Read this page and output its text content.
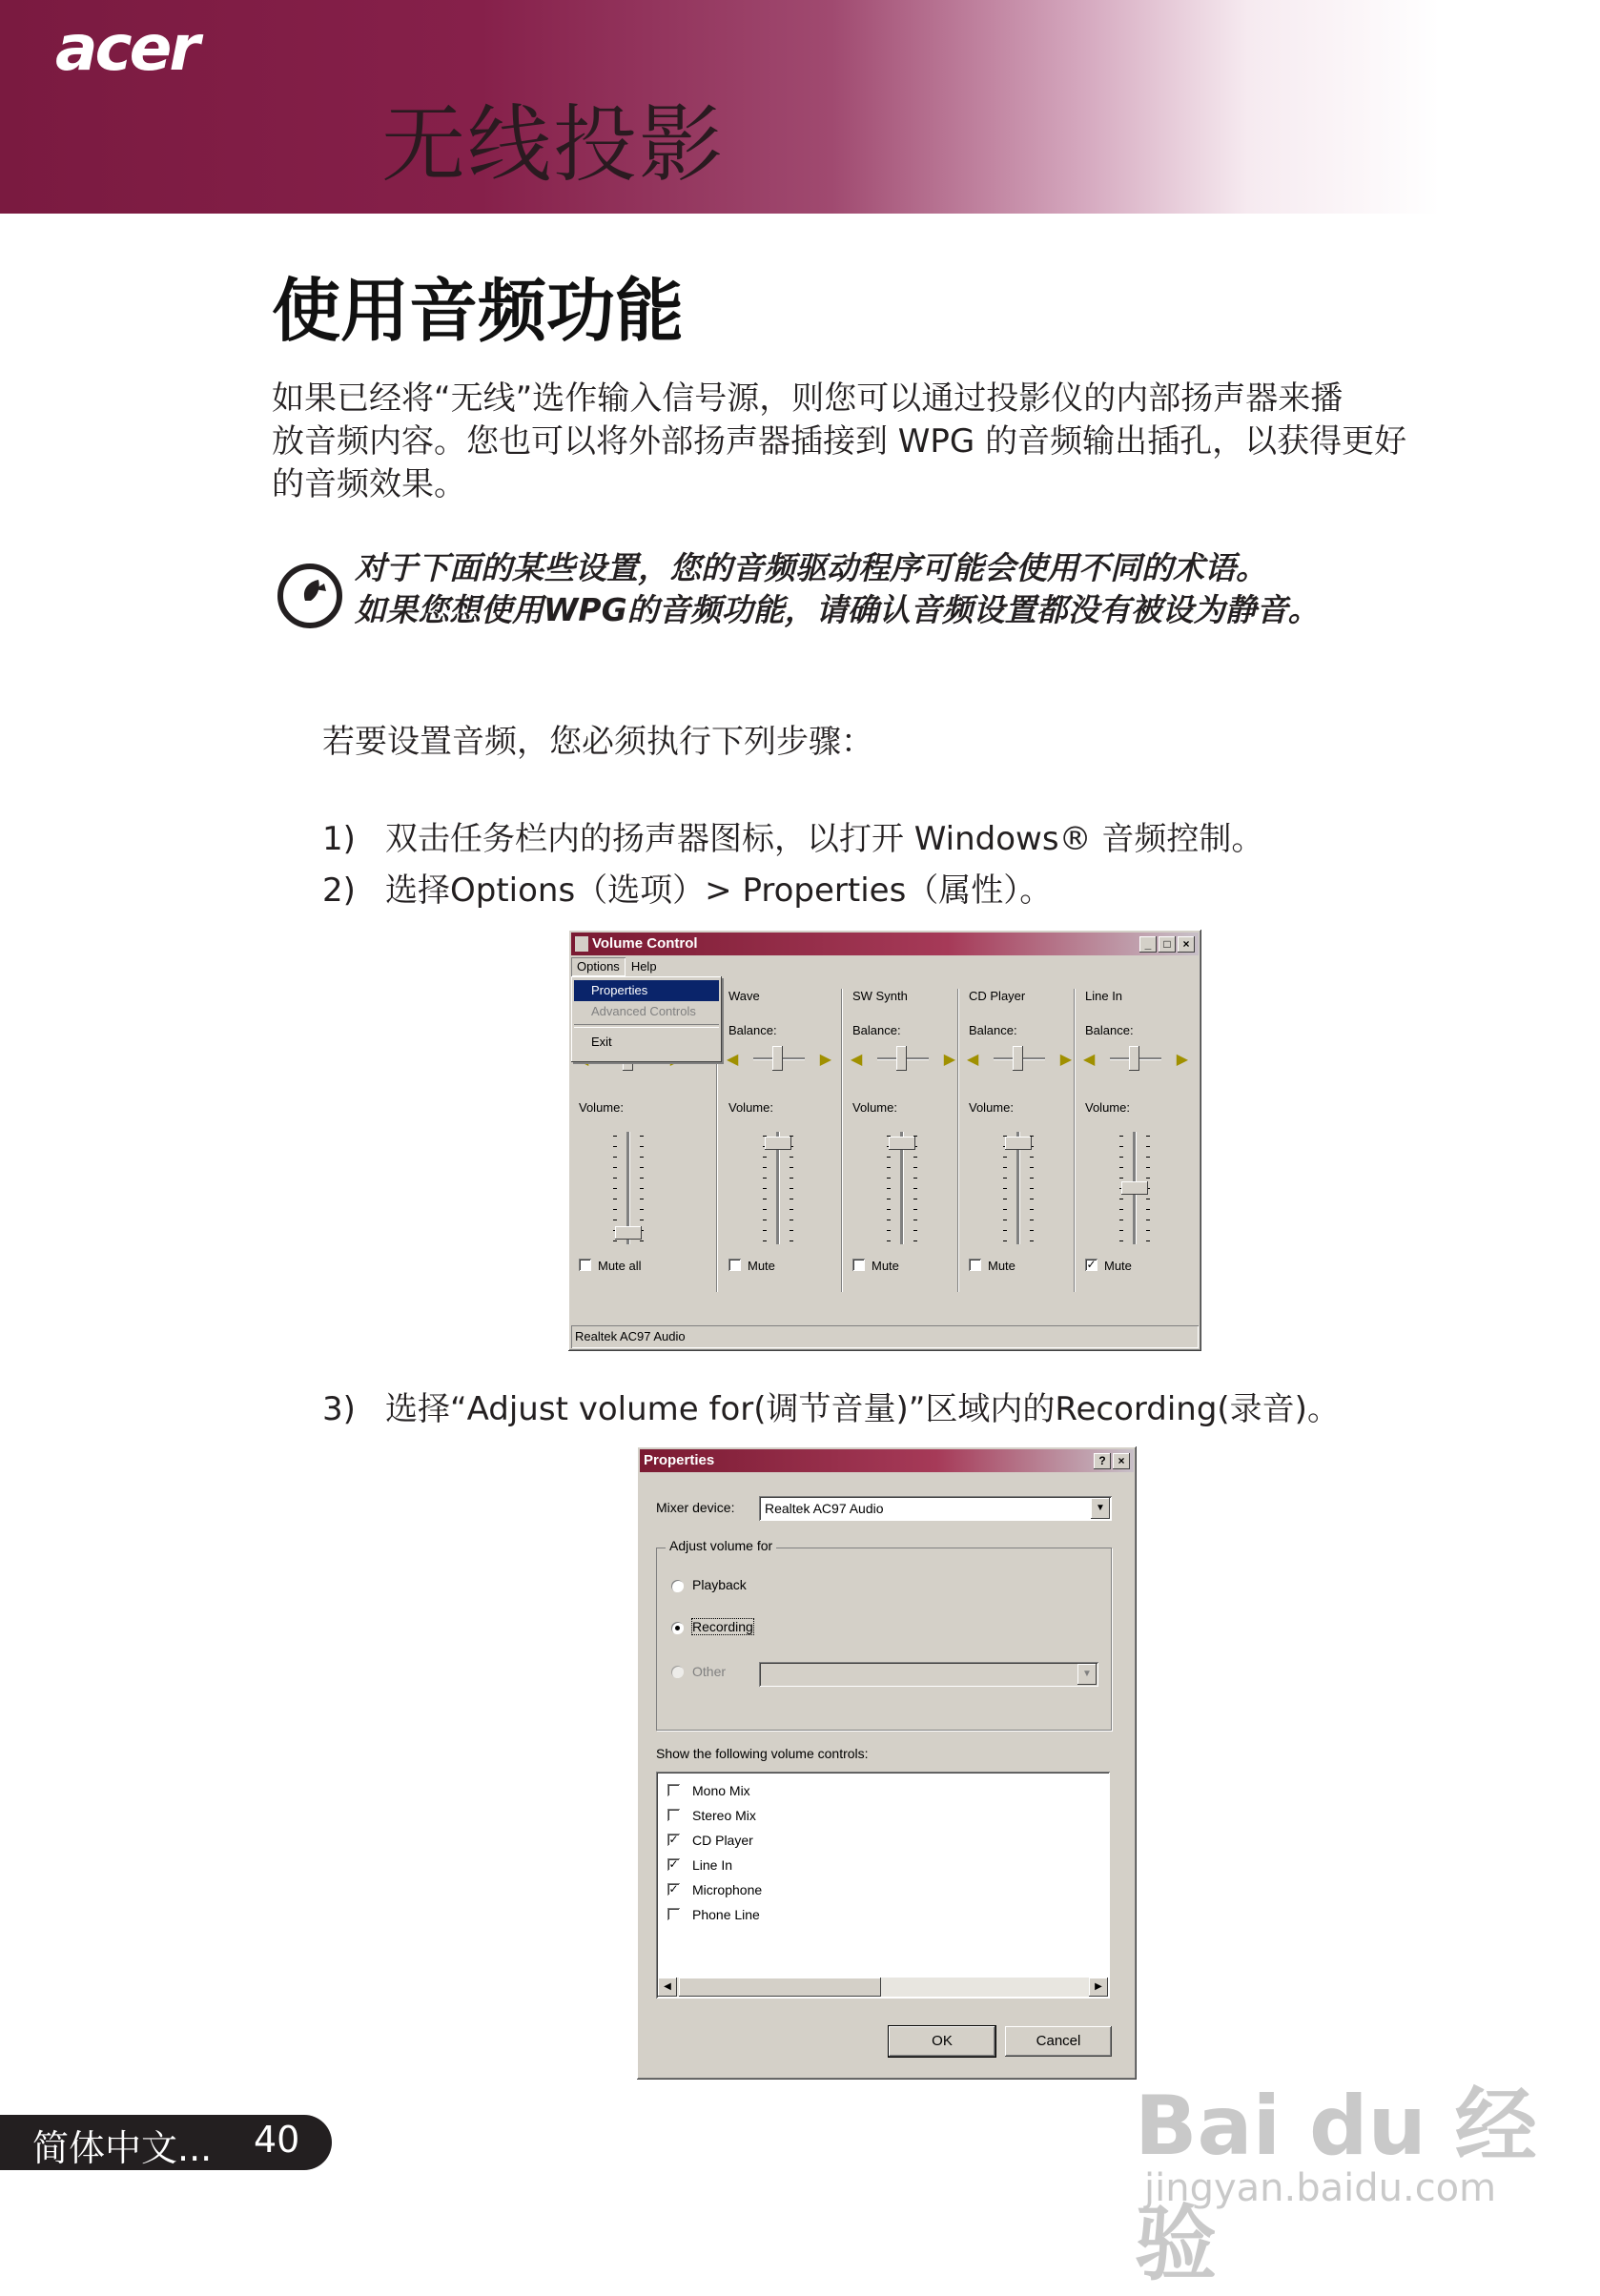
acer
无线投影
使用音频功能
如果已经将“无线”选作输入信号源，则您可以通过投影仪的内部扬声器来播
放音频内容。您也可以将外部扬声器插接到 WPG 的音频输出插孔，以获得更好
的音频效果。
对于下面的某些设置，您的音频驱动程序可能会使用不同的术语。
如果您想使用WPG的音频功能，请确认音频设置都没有被设为静音。
若要设置音频，您必须执行下列步骤：
1) 双击任务栏内的扬声器图标，以打开 Windows® 音频控制。
2) 选择Options（选项）> Properties（属性）。
Volume Control	_	□	×
Options Help
Properties
Advanced Controls
Exit
Volume:
Mute all
Wave
Balance:
◀	▶
Volume:
Mute
SW Synth
Balance:
◀	▶
Volume:
Mute
CD Player
Balance:
◀	▶
Volume:
Mute
Line In
Balance:
◀	▶
Volume:
✓ Mute
Realtek AC97 Audio
3) 选择“Adjust volume for(调节音量)”区域内的Recording(录音)。
Properties	?	×
Mixer device: Realtek AC97 Audio	▼
Adjust volume for
Playback
Recording
Other	▼
Show the following volume controls:
Mono Mix
Stereo Mix
✓ CD Player
✓ Line In
✓ Microphone
Phone Line
◀	▶
OK	Cancel
简体中文... 40	Bai du 经验
jingyan.baidu.com
